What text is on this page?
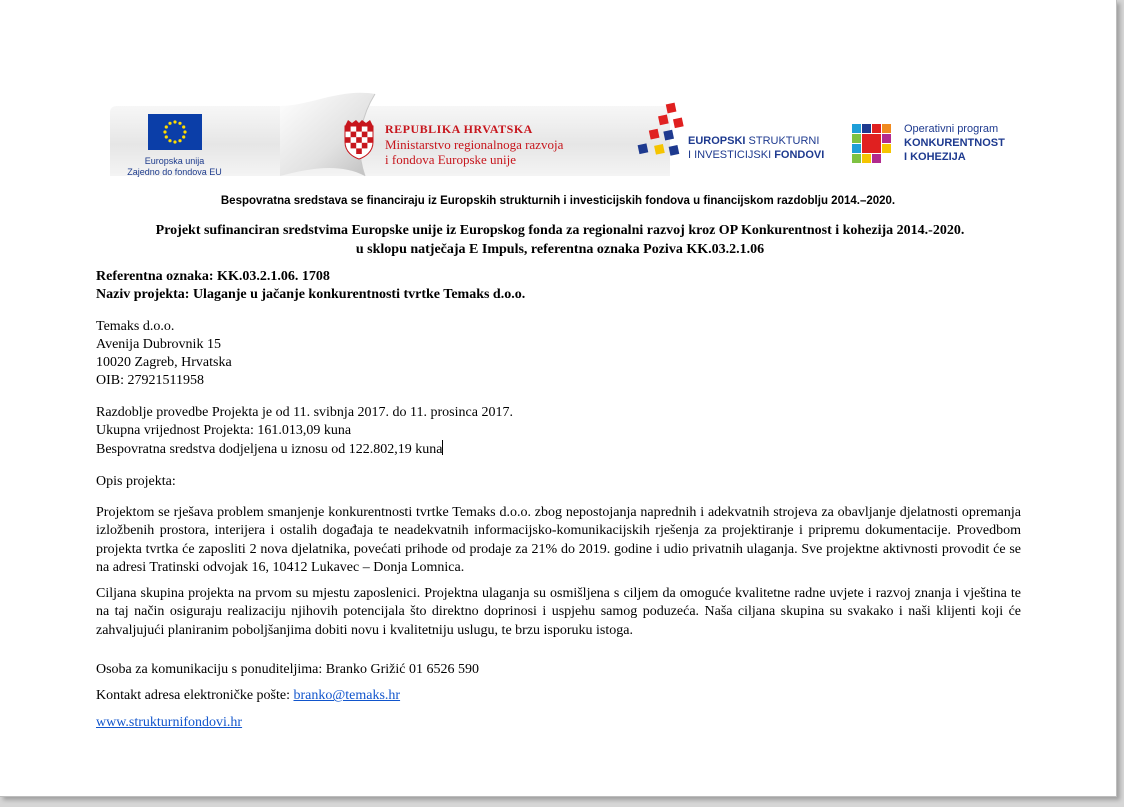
Europska unija
Zajedno do fondova EU
REPUBLIKA HRVATSKA
Ministarstvo regionalnoga razvoja
i fondova Europske unije
EUROPSKI STRUKTURNI
I INVESTICIJSKI FONDOVI
Operativni program
KONKURENTNOST
I KOHEZIJA
Bespovratna sredstava se financiraju iz Europskih strukturnih i investicijskih fondova u financijskom razdoblju 2014.–2020.
Projekt sufinanciran sredstvima Europske unije iz Europskog fonda za regionalni razvoj kroz OP Konkurentnost i kohezija 2014.-2020.
u sklopu natječaja E Impuls, referentna oznaka Poziva KK.03.2.1.06

Referentna oznaka: KK.03.2.1.06. 1708

Naziv projekta: Ulaganje u jačanje konkurentnosti tvrtke Temaks d.o.o.

Temaks d.o.o.

Avenija Dubrovnik 15

10020 Zagreb, Hrvatska

OIB: 27921511958

Razdoblje provedbe Projekta je od 11. svibnja 2017. do 11. prosinca 2017.

Ukupna vrijednost Projekta: 161.013,09 kuna

Bespovratna sredstva dodjeljena u iznosu od 122.802,19 kuna

Opis projekta:

Projektom se rješava problem smanjenje konkurentnosti tvrtke Temaks d.o.o. zbog nepostojanja naprednih i adekvatnih strojeva za obavljanje djelatnosti opremanja izložbenih prostora, interijera i ostalih događaja te neadekvatnih informacijsko-komunikacijskih rješenja za projektiranje i pripremu dokumentacije. Provedbom projekta tvrtka će zaposliti 2 nova djelatnika, povećati prihode od prodaje za 21% do 2019. godine i udio privatnih ulaganja. Sve projektne aktivnosti provodit će se na adresi Tratinski odvojak 16, 10412 Lukavec – Donja Lomnica.

Ciljana skupina projekta na prvom su mjestu zaposlenici. Projektna ulaganja su osmišljena s ciljem da omoguće kvalitetne radne uvjete i razvoj znanja i vještina te na taj način osiguraju realizaciju njihovih potencijala što direktno doprinosi i uspjehu samog poduzeća. Naša ciljana skupina su svakako i naši klijenti koji će zahvaljujući planiranim poboljšanjima dobiti novu i kvalitetniju uslugu, te brzu isporuku istoga.

Osoba za komunikaciju s ponuditeljima: Branko Grižić 01 6526 590

Kontakt adresa elektroničke pošte: branko@temaks.hr

www.strukturnifondovi.hr
